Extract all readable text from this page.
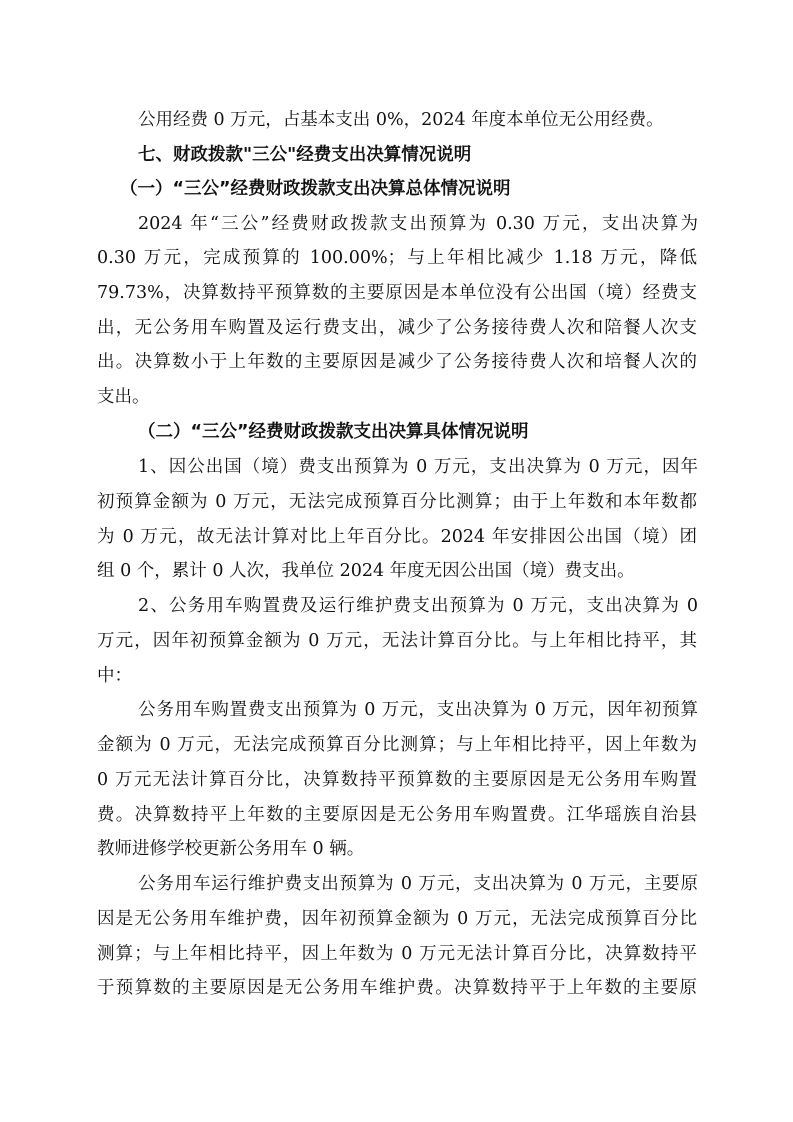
公用经费 0 万元，占基本支出 0%，2024 年度本单位无公用经费。
七、财政拨款"三公"经费支出决算情况说明
（一）“三公”经费财政拨款支出决算总体情况说明
2024 年“三公”经费财政拨款支出预算为 0.30 万元，支出决算为
0.30 万元，完成预算的 100.00%；与上年相比减少 1.18 万元，降低
79.73%，决算数持平预算数的主要原因是本单位没有公出国（境）经费支
出，无公务用车购置及运行费支出，减少了公务接待费人次和陪餐人次支
出。决算数小于上年数的主要原因是减少了公务接待费人次和培餐人次的
支出。
（二）“三公”经费财政拨款支出决算具体情况说明
1、因公出国（境）费支出预算为 0 万元，支出决算为 0 万元，因年
初预算金额为 0 万元，无法完成预算百分比测算；由于上年数和本年数都
为 0 万元，故无法计算对比上年百分比。2024 年安排因公出国（境）团
组 0 个，累计 0 人次，我单位 2024 年度无因公出国（境）费支出。
2、公务用车购置费及运行维护费支出预算为 0 万元，支出决算为 0
万元，因年初预算金额为 0 万元，无法计算百分比。与上年相比持平，其
中：
公务用车购置费支出预算为 0 万元，支出决算为 0 万元，因年初预算
金额为 0 万元，无法完成预算百分比测算；与上年相比持平，因上年数为
0 万元无法计算百分比，决算数持平预算数的主要原因是无公务用车购置
费。决算数持平上年数的主要原因是无公务用车购置费。江华瑶族自治县
教师进修学校更新公务用车 0 辆。
公务用车运行维护费支出预算为 0 万元，支出决算为 0 万元，主要原
因是无公务用车维护费，因年初预算金额为 0 万元，无法完成预算百分比
测算；与上年相比持平，因上年数为 0 万元无法计算百分比，决算数持平
于预算数的主要原因是无公务用车维护费。决算数持平于上年数的主要原
